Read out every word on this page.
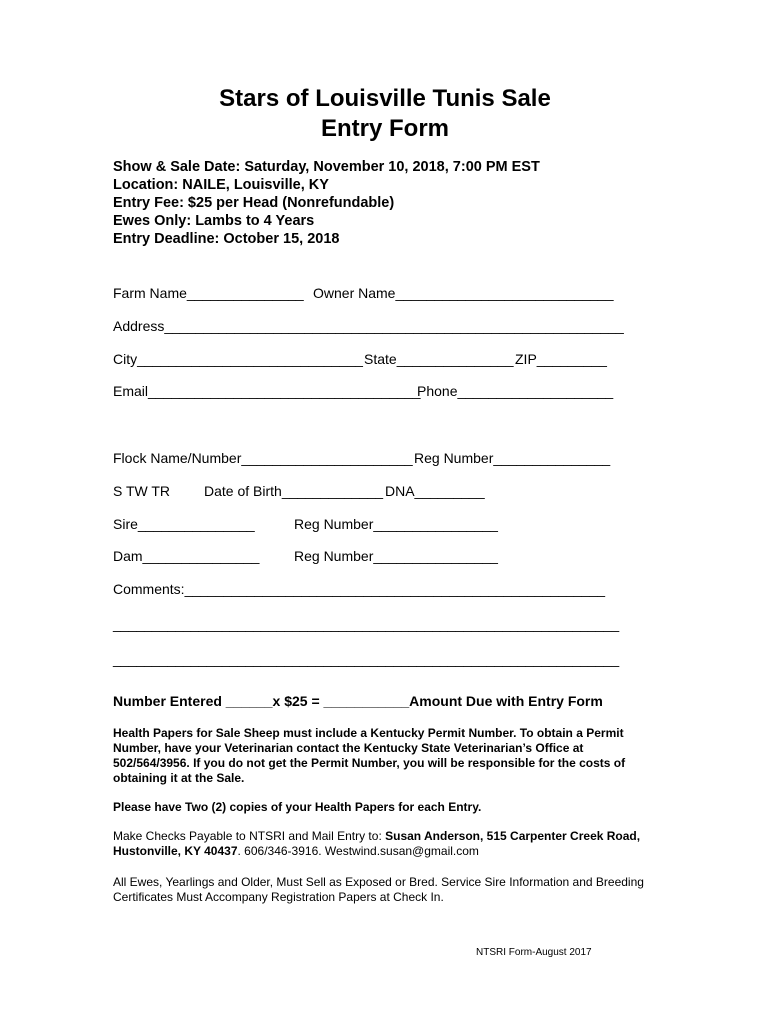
Stars of Louisville Tunis Sale
Entry Form
Show & Sale Date: Saturday, November 10, 2018, 7:00 PM EST
Location: NAILE, Louisville, KY
Entry Fee: $25 per Head (Nonrefundable)
Ewes Only: Lambs to 4 Years
Entry Deadline: October 15, 2018
Farm Name_______________ Owner Name____________________________
Address___________________________________________________________
City_____________________________ State_______________ ZIP_________
Email___________________________________
Phone____________________
Flock Name/Number______________________ Reg Number_______________
S TW TR Date of Birth_____________ DNA_________
Sire_______________	Reg Number________________
Dam_______________ Reg Number________________
Comments:______________________________________________________
_________________________________________________________________
_________________________________________________________________
Number Entered ______x $25 = ___________Amount Due with Entry Form
Health Papers for Sale Sheep must include a Kentucky Permit Number. To obtain a Permit Number, have your Veterinarian contact the Kentucky State Veterinarian’s Office at 502/564/3956. If you do not get the Permit Number, you will be responsible for the costs of obtaining it at the Sale.
Please have Two (2) copies of your Health Papers for each Entry.
Make Checks Payable to NTSRI and Mail Entry to: Susan Anderson, 515 Carpenter Creek Road, Hustonville, KY 40437. 606/346-3916. Westwind.susan@gmail.com
All Ewes, Yearlings and Older, Must Sell as Exposed or Bred. Service Sire Information and Breeding Certificates Must Accompany Registration Papers at Check In.
NTSRI Form-August 2017
